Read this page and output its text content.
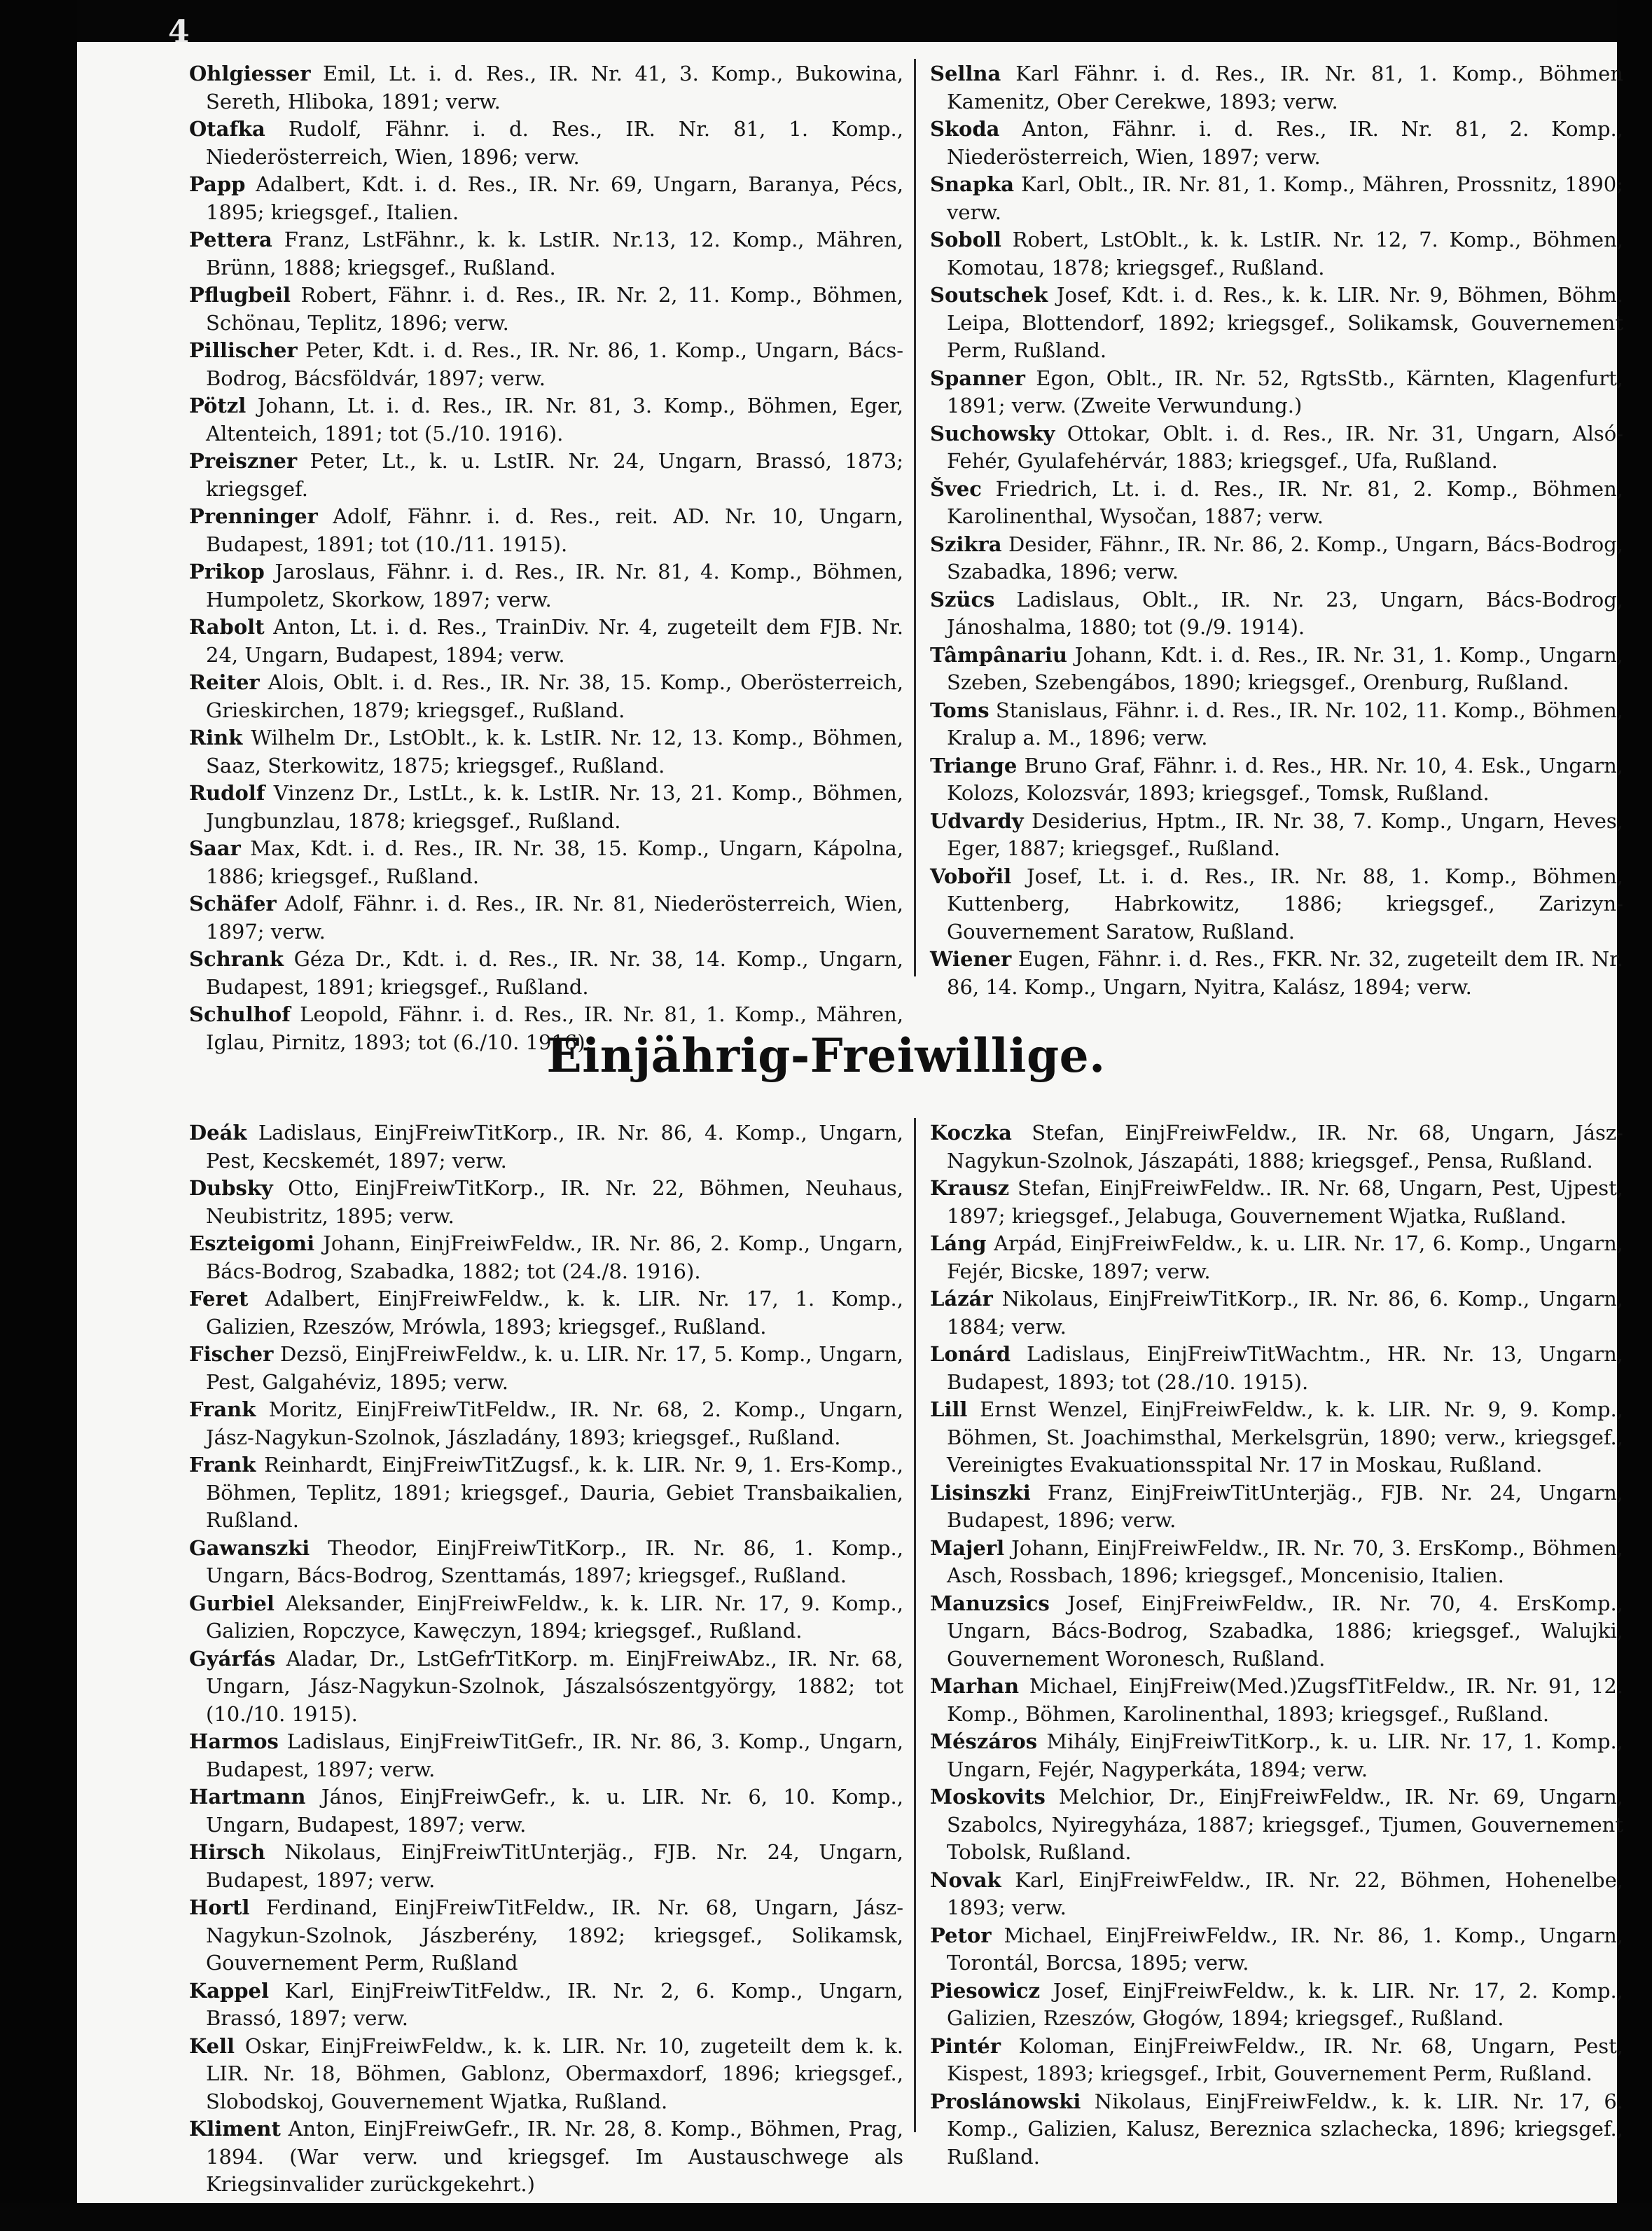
4

Ohlgiesser Emil, Lt. i. d. Res., IR. Nr. 41, 3. Komp., Bukowina, Sereth, Hliboka, 1891; verw.

Otafka Rudolf, Fähnr. i. d. Res., IR. Nr. 81, 1. Komp., Niederösterreich, Wien, 1896; verw.

Papp Adalbert, Kdt. i. d. Res., IR. Nr. 69, Ungarn, Baranya, Pécs, 1895; kriegsgef., Italien.

Pettera Franz, LstFähnr., k. k. LstIR. Nr.13, 12. Komp., Mähren, Brünn, 1888; kriegsgef., Rußland.

Pflugbeil Robert, Fähnr. i. d. Res., IR. Nr. 2, 11. Komp., Böhmen, Schönau, Teplitz, 1896; verw.

Pillischer Peter, Kdt. i. d. Res., IR. Nr. 86, 1. Komp., Ungarn, Bács-Bodrog, Bácsföldvár, 1897; verw.

Pötzl Johann, Lt. i. d. Res., IR. Nr. 81, 3. Komp., Böhmen, Eger, Altenteich, 1891; tot (5./10. 1916).

Preiszner Peter, Lt., k. u. LstIR. Nr. 24, Ungarn, Brassó, 1873; kriegsgef.

Prenninger Adolf, Fähnr. i. d. Res., reit. AD. Nr. 10, Ungarn, Budapest, 1891; tot (10./11. 1915).

Prikop Jaroslaus, Fähnr. i. d. Res., IR. Nr. 81, 4. Komp., Böhmen, Humpoletz, Skorkow, 1897; verw.

Rabolt Anton, Lt. i. d. Res., TrainDiv. Nr. 4, zugeteilt dem FJB. Nr. 24, Ungarn, Budapest, 1894; verw.

Reiter Alois, Oblt. i. d. Res., IR. Nr. 38, 15. Komp., Oberösterreich, Grieskirchen, 1879; kriegsgef., Rußland.

Rink Wilhelm Dr., LstOblt., k. k. LstIR. Nr. 12, 13. Komp., Böhmen, Saaz, Sterkowitz, 1875; kriegsgef., Rußland.

Rudolf Vinzenz Dr., LstLt., k. k. LstIR. Nr. 13, 21. Komp., Böhmen, Jungbunzlau, 1878; kriegsgef., Rußland.

Saar Max, Kdt. i. d. Res., IR. Nr. 38, 15. Komp., Ungarn, Kápolna, 1886; kriegsgef., Rußland.

Schäfer Adolf, Fähnr. i. d. Res., IR. Nr. 81, Niederösterreich, Wien, 1897; verw.

Schrank Géza Dr., Kdt. i. d. Res., IR. Nr. 38, 14. Komp., Ungarn, Budapest, 1891; kriegsgef., Rußland.

Schulhof Leopold, Fähnr. i. d. Res., IR. Nr. 81, 1. Komp., Mähren, Iglau, Pirnitz, 1893; tot (6./10. 1916).

Sellna Karl Fähnr. i. d. Res., IR. Nr. 81, 1. Komp., Böhmen Kamenitz, Ober Cerekwe, 1893; verw.

Skoda Anton, Fähnr. i. d. Res., IR. Nr. 81, 2. Komp., Niederösterreich, Wien, 1897; verw.

Snapka Karl, Oblt., IR. Nr. 81, 1. Komp., Mähren, Prossnitz, 1890; verw.

Soboll Robert, LstOblt., k. k. LstIR. Nr. 12, 7. Komp., Böhmen, Komotau, 1878; kriegsgef., Rußland.

Soutschek Josef, Kdt. i. d. Res., k. k. LIR. Nr. 9, Böhmen, Böhm. Leipa, Blottendorf, 1892; kriegsgef., Solikamsk, Gouvernement Perm, Rußland.

Spanner Egon, Oblt., IR. Nr. 52, RgtsStb., Kärnten, Klagenfurt, 1891; verw. (Zweite Verwundung.)

Suchowsky Ottokar, Oblt. i. d. Res., IR. Nr. 31, Ungarn, Alsó-Fehér, Gyulafehérvár, 1883; kriegsgef., Ufa, Rußland.

Švec Friedrich, Lt. i. d. Res., IR. Nr. 81, 2. Komp., Böhmen, Karolinenthal, Wysočan, 1887; verw.

Szikra Desider, Fähnr., IR. Nr. 86, 2. Komp., Ungarn, Bács-Bodrog, Szabadka, 1896; verw.

Szücs Ladislaus, Oblt., IR. Nr. 23, Ungarn, Bács-Bodrog, Jánoshalma, 1880; tot (9./9. 1914).

Tâmpânariu Johann, Kdt. i. d. Res., IR. Nr. 31, 1. Komp., Ungarn, Szeben, Szebengábos, 1890; kriegsgef., Orenburg, Rußland.

Toms Stanislaus, Fähnr. i. d. Res., IR. Nr. 102, 11. Komp., Böhmen, Kralup a. M., 1896; verw.

Triange Bruno Graf, Fähnr. i. d. Res., HR. Nr. 10, 4. Esk., Ungarn, Kolozs, Kolozsvár, 1893; kriegsgef., Tomsk, Rußland.

Udvardy Desiderius, Hptm., IR. Nr. 38, 7. Komp., Ungarn, Heves, Eger, 1887; kriegsgef., Rußland.

Vobořil Josef, Lt. i. d. Res., IR. Nr. 88, 1. Komp., Böhmen, Kuttenberg, Habrkowitz, 1886; kriegsgef., Zarizyn-Gouvernement Saratow, Rußland.

Wiener Eugen, Fähnr. i. d. Res., FKR. Nr. 32, zugeteilt dem IR. Nr. 86, 14. Komp., Ungarn, Nyitra, Kalász, 1894; verw.

Einjährig-Freiwillige.

Deák Ladislaus, EinjFreiwTitKorp., IR. Nr. 86, 4. Komp., Ungarn, Pest, Kecskemét, 1897; verw.

Dubsky Otto, EinjFreiwTitKorp., IR. Nr. 22, Böhmen, Neuhaus, Neubistritz, 1895; verw.

Eszteigomi Johann, EinjFreiwFeldw., IR. Nr. 86, 2. Komp., Ungarn, Bács-Bodrog, Szabadka, 1882; tot (24./8. 1916).

Feret Adalbert, EinjFreiwFeldw., k. k. LIR. Nr. 17, 1. Komp., Galizien, Rzeszów, Mrówla, 1893; kriegsgef., Rußland.

Fischer Dezsö, EinjFreiwFeldw., k. u. LIR. Nr. 17, 5. Komp., Ungarn, Pest, Galgahéviz, 1895; verw.

Frank Moritz, EinjFreiwTitFeldw., IR. Nr. 68, 2. Komp., Ungarn, Jász-Nagykun-Szolnok, Jászladány, 1893; kriegsgef., Rußland.

Frank Reinhardt, EinjFreiwTitZugsf., k. k. LIR. Nr. 9, 1. Ers-Komp., Böhmen, Teplitz, 1891; kriegsgef., Dauria, Gebiet Transbaikalien, Rußland.

Gawanszki Theodor, EinjFreiwTitKorp., IR. Nr. 86, 1. Komp., Ungarn, Bács-Bodrog, Szenttamás, 1897; kriegsgef., Rußland.

Gurbiel Aleksander, EinjFreiwFeldw., k. k. LIR. Nr. 17, 9. Komp., Galizien, Ropczyce, Kawęczyn, 1894; kriegsgef., Rußland.

Gyárfás Aladar, Dr., LstGefrTitKorp. m. EinjFreiwAbz., IR. Nr. 68, Ungarn, Jász-Nagykun-Szolnok, Jászalsószentgyörgy, 1882; tot (10./10. 1915).

Harmos Ladislaus, EinjFreiwTitGefr., IR. Nr. 86, 3. Komp., Ungarn, Budapest, 1897; verw.

Hartmann János, EinjFreiwGefr., k. u. LIR. Nr. 6, 10. Komp., Ungarn, Budapest, 1897; verw.

Hirsch Nikolaus, EinjFreiwTitUnterjäg., FJB. Nr. 24, Ungarn, Budapest, 1897; verw.

Hortl Ferdinand, EinjFreiwTitFeldw., IR. Nr. 68, Ungarn, Jász-Nagykun-Szolnok, Jászberény, 1892; kriegsgef., Solikamsk, Gouvernement Perm, Rußland

Kappel Karl, EinjFreiwTitFeldw., IR. Nr. 2, 6. Komp., Ungarn, Brassó, 1897; verw.

Kell Oskar, EinjFreiwFeldw., k. k. LIR. Nr. 10, zugeteilt dem k. k. LIR. Nr. 18, Böhmen, Gablonz, Obermaxdorf, 1896; kriegsgef., Slobodskoj, Gouvernement Wjatka, Rußland.

Kliment Anton, EinjFreiwGefr., IR. Nr. 28, 8. Komp., Böhmen, Prag, 1894. (War verw. und kriegsgef. Im Austauschwege als Kriegsinvalider zurückgekehrt.)

Koczka Stefan, EinjFreiwFeldw., IR. Nr. 68, Ungarn, Jász-Nagykun-Szolnok, Jászapáti, 1888; kriegsgef., Pensa, Rußland.

Krausz Stefan, EinjFreiwFeldw.. IR. Nr. 68, Ungarn, Pest, Ujpest, 1897; kriegsgef., Jelabuga, Gouvernement Wjatka, Rußland.

Láng Arpád, EinjFreiwFeldw., k. u. LIR. Nr. 17, 6. Komp., Ungarn, Fejér, Bicske, 1897; verw.

Lázár Nikolaus, EinjFreiwTitKorp., IR. Nr. 86, 6. Komp., Ungarn, 1884; verw.

Lonárd Ladislaus, EinjFreiwTitWachtm., HR. Nr. 13, Ungarn, Budapest, 1893; tot (28./10. 1915).

Lill Ernst Wenzel, EinjFreiwFeldw., k. k. LIR. Nr. 9, 9. Komp., Böhmen, St. Joachimsthal, Merkelsgrün, 1890; verw., kriegsgef., Vereinigtes Evakuationsspital Nr. 17 in Moskau, Rußland.

Lisinszki Franz, EinjFreiwTitUnterjäg., FJB. Nr. 24, Ungarn, Budapest, 1896; verw.

Majerl Johann, EinjFreiwFeldw., IR. Nr. 70, 3. ErsKomp., Böhmen, Asch, Rossbach, 1896; kriegsgef., Moncenisio, Italien.

Manuzsics Josef, EinjFreiwFeldw., IR. Nr. 70, 4. ErsKomp., Ungarn, Bács-Bodrog, Szabadka, 1886; kriegsgef., Walujki, Gouvernement Woronesch, Rußland.

Marhan Michael, EinjFreiw(Med.)ZugsfTitFeldw., IR. Nr. 91, 12. Komp., Böhmen, Karolinenthal, 1893; kriegsgef., Rußland.

Mészáros Mihály, EinjFreiwTitKorp., k. u. LIR. Nr. 17, 1. Komp., Ungarn, Fejér, Nagyperkáta, 1894; verw.

Moskovits Melchior, Dr., EinjFreiwFeldw., IR. Nr. 69, Ungarn, Szabolcs, Nyiregyháza, 1887; kriegsgef., Tjumen, Gouvernement Tobolsk, Rußland.

Novak Karl, EinjFreiwFeldw., IR. Nr. 22, Böhmen, Hohenelbe, 1893; verw.

Petor Michael, EinjFreiwFeldw., IR. Nr. 86, 1. Komp., Ungarn, Torontál, Borcsa, 1895; verw.

Piesowicz Josef, EinjFreiwFeldw., k. k. LIR. Nr. 17, 2. Komp., Galizien, Rzeszów, Głogów, 1894; kriegsgef., Rußland.

Pintér Koloman, EinjFreiwFeldw., IR. Nr. 68, Ungarn, Pest, Kispest, 1893; kriegsgef., Irbit, Gouvernement Perm, Rußland.

Proslánowski Nikolaus, EinjFreiwFeldw., k. k. LIR. Nr. 17, 6. Komp., Galizien, Kalusz, Bereznica szlachecka, 1896; kriegsgef., Rußland.
